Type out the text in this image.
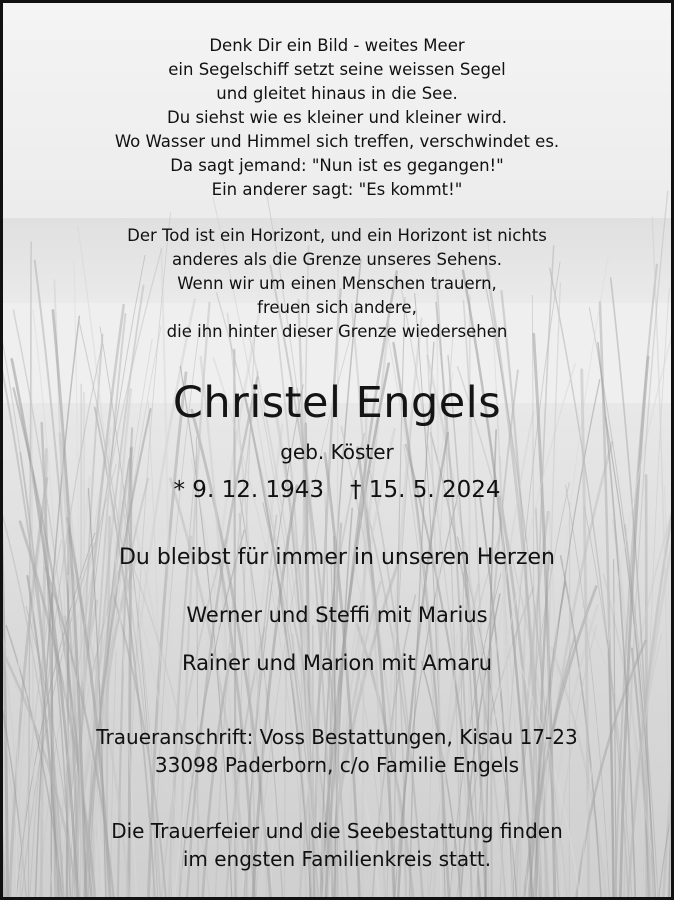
Denk Dir ein Bild - weites Meer
ein Segelschiff setzt seine weissen Segel
und gleitet hinaus in die See.
Du siehst wie es kleiner und kleiner wird.
Wo Wasser und Himmel sich treffen, verschwindet es.
Da sagt jemand: "Nun ist es gegangen!"
Ein anderer sagt: "Es kommt!"
Der Tod ist ein Horizont, und ein Horizont ist nichts
anderes als die Grenze unseres Sehens.
Wenn wir um einen Menschen trauern,
freuen sich andere,
die ihn hinter dieser Grenze wiedersehen
Christel Engels
geb. Köster
* 9. 12. 1943 † 15. 5. 2024
Du bleibst für immer in unseren Herzen
Werner und Steffi mit Marius
Rainer und Marion mit Amaru
Traueranschrift: Voss Bestattungen, Kisau 17-23
33098 Paderborn, c/o Familie Engels
Die Trauerfeier und die Seebestattung finden
im engsten Familienkreis statt.
